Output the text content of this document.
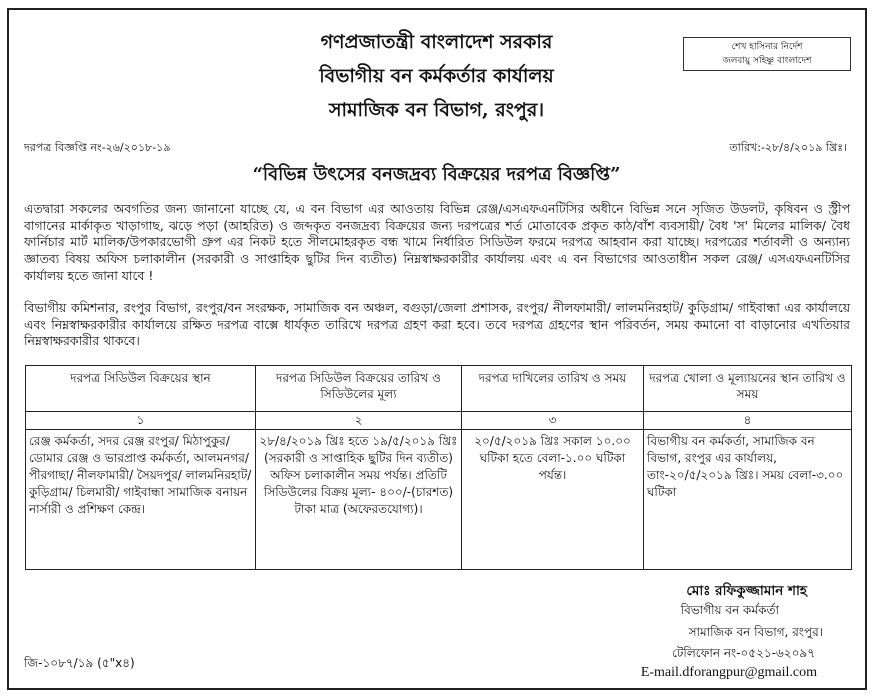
গণপ্রজাতন্ত্রী বাংলাদেশ সরকার
বিভাগীয় বন কর্মকর্তার কার্যালয়
সামাজিক বন বিভাগ, রংপুর।
শেখ হাসিনার নির্দেশ
জলবায়ু সহিষ্ণু বাংলাদেশ
দরপত্র বিজ্ঞপ্তি নং-২৬/২০১৮-১৯	তারিখ:-২৮/৪/২০১৯ খ্রিঃ।
“বিভিন্ন উৎসের বনজদ্রব্য বিক্রয়ের দরপত্র বিজ্ঞপ্তি”
এতদ্বারা সকলের অবগতির জন্য জানানো যাচ্ছে যে, এ বন বিভাগ এর আওতায় বিভিন্ন রেঞ্জ/এসএফএনটিসির অধীনে বিভিন্ন সনে সৃজিত উডলট, কৃষিবন ও স্ট্রীপ বাগানের মার্কাকৃত খাড়াগাছ, ঝড়ে পড়া (আহরিত) ও জব্দকৃত বনজদ্রব্য বিক্রয়ের জন্য দরপত্রের শর্ত মোতাবেক প্রকৃত কাঠ/বাঁশ ব্যবসায়ী/ বৈধ 'স' মিলের মালিক/ বৈধ ফার্নিচার মার্ট মালিক/উপকারভোগী গ্রুপ এর নিকট হতে সীলমোহরকৃত বন্ধ খামে নির্ধারিত সিডিউল ফরমে দরপত্র আহবান করা যাচ্ছে। দরপত্রের শর্তাবলী ও অন্যান্য জ্ঞাতব্য বিষয় অফিস চলাকালীন (সরকারী ও সাপ্তাহিক ছুটির দিন ব্যতীত) নিম্নস্বাক্ষরকারীর কার্যালয় এবং এ বন বিভাগের আওতাধীন সকল রেঞ্জ/ এসএফএনটিসির কার্যালয় হতে জানা যাবে !
বিভাগীয় কমিশনার, রংপুর বিভাগ, রংপুর/বন সংরক্ষক, সামাজিক বন অঞ্চল, বগুড়া/জেলা প্রশাসক, রংপুর/ নীলফামারী/ লালমনিরহাট/ কুড়িগ্রাম/ গাইবান্ধা এর কার্যালয়ে এবং নিম্নস্বাক্ষরকারীর কার্যালয়ে রক্ষিত দরপত্র বাক্সে ধার্যকৃত তারিখে দরপত্র গ্রহণ করা হবে। তবে দরপত্র গ্রহণের স্থান পরিবর্তন, সময় কমানো বা বাড়ানোর এখতিয়ার নিম্নস্বাক্ষরকারীর থাকবে।
দরপত্র সিডিউল বিক্রয়ের স্থান	দরপত্র সিডিউল বিক্রয়ের তারিখ ও সিডিউলের মূল্য	দরপত্র দাখিলের তারিখ ও সময়	দরপত্র খোলা ও মূল্যায়নের স্থান তারিখ ও সময়
১	২	৩	৪
রেঞ্জ কর্মকর্তা, সদর রেঞ্জ রংপুর/ মিঠাপুকুর/ ডোমার রেঞ্জ ও ভারপ্রাপ্ত কর্মকর্তা, আলমনগর/ পীরগাছা/ নীলফামারী/ সৈয়দপুর/ লালমনিরহাট/ কুড়িগ্রাম/ চিলমারী/ গাইবান্ধা সামাজিক বনায়ন নার্সারী ও প্রশিক্ষণ কেন্দ্র।	২৮/৪/২০১৯ খ্রিঃ হতে ১৯/৫/২০১৯ খ্রিঃ (সরকারী ও সাপ্তাহিক ছুটির দিন ব্যতীত) অফিস চলাকালীন সময় পর্যন্ত। প্রতিটি সিডিউলের বিক্রয় মূল্য- ৪০০/-(চারশত) টাকা মাত্র (অফেরতযোগ্য)।	২০/৫/২০১৯ খ্রিঃ সকাল ১০.০০ ঘটিকা হতে বেলা-১.০০ ঘটিকা পর্যন্ত।	বিভাগীয় বন কর্মকর্তা, সামাজিক বন বিভাগ, রংপুর এর কার্যালয়, তাং-২০/৫/২০১৯ খ্রিঃ। সময় বেলা-৩.০০ ঘটিকা
মোঃ রফিকুজ্জামান শাহ
বিভাগীয় বন কর্মকর্তা
সামাজিক বন বিভাগ, রংপুর।
টেলিফোন নং-০৫২১-৬২০৯৭
E-mail.dforangpur@gmail.com
জি-১০৮৭/১৯ (৫"x৪)
